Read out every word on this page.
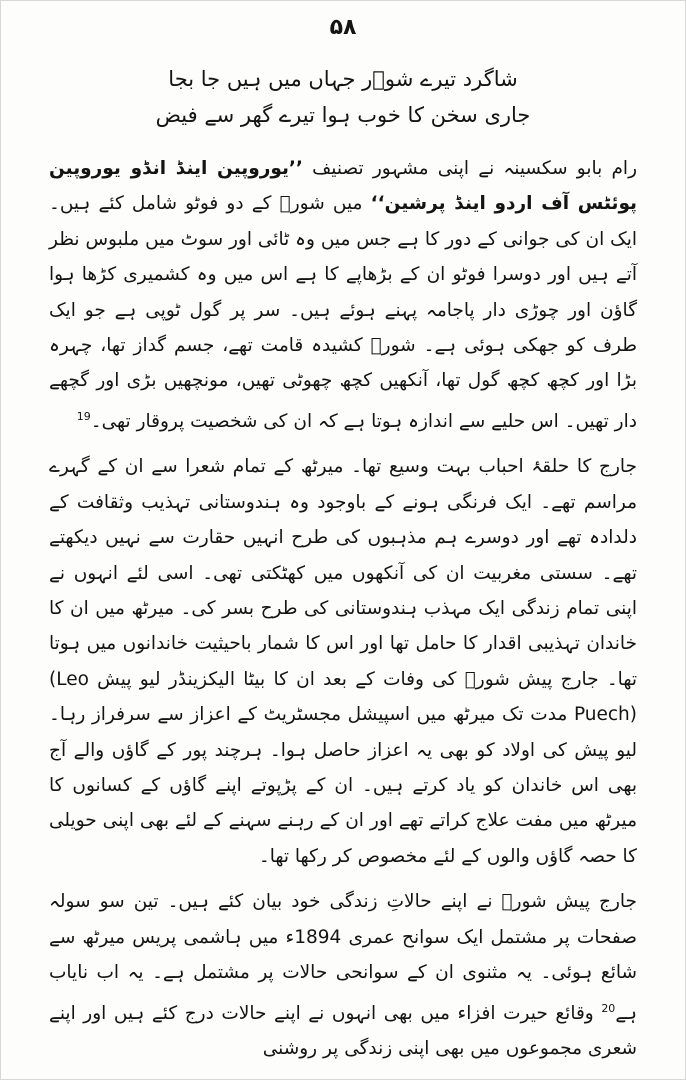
۵۸
شاگرد تیرے شوؔر جہاں میں ہیں جا بجا
جاری سخن کا خوب ہوا تیرے گھر سے فیض

رام بابو سکسینہ نے اپنی مشہور تصنیف ’’یوروپین اینڈ انڈو یوروپین پوئٹس آف اردو اینڈ پرشین‘‘ میں شورؔ کے دو فوٹو شامل کئے ہیں۔ ایک ان کی جوانی کے دور کا ہے جس میں وہ ٹائی اور سوٹ میں ملبوس نظر آتے ہیں اور دوسرا فوٹو ان کے بڑھاپے کا ہے اس میں وہ کشمیری کڑھا ہوا گاؤن اور چوڑی دار پاجامہ پہنے ہوئے ہیں۔ سر پر گول ٹوپی ہے جو ایک طرف کو جھکی ہوئی ہے۔ شورؔ کشیدہ قامت تھے، جسم گداز تھا، چہرہ بڑا اور کچھ کچھ گول تھا، آنکھیں کچھ چھوٹی تھیں، مونچھیں بڑی اور گچھے دار تھیں۔ اس حلیے سے اندازہ ہوتا ہے کہ ان کی شخصیت پروقار تھی۔$^{19}$

جارج کا حلقۂ احباب بہت وسیع تھا۔ میرٹھ کے تمام شعرا سے ان کے گہرے مراسم تھے۔ ایک فرنگی ہونے کے باوجود وہ ہندوستانی تہذیب وثقافت کے دلدادہ تھے اور دوسرے ہم مذہبوں کی طرح انہیں حقارت سے نہیں دیکھتے تھے۔ سستی مغربیت ان کی آنکھوں میں کھٹکتی تھی۔ اسی لئے انہوں نے اپنی تمام زندگی ایک مہذب ہندوستانی کی طرح بسر کی۔ میرٹھ میں ان کا خاندان تہذیبی اقدار کا حامل تھا اور اس کا شمار باحیثیت خاندانوں میں ہوتا تھا۔ جارج پیش شورؔ کی وفات کے بعد ان کا بیٹا الیکزینڈر لیو پیش (Leo Puech) مدت تک میرٹھ میں اسپیشل مجسٹریٹ کے اعزاز سے سرفراز رہا۔ لیو پیش کی اولاد کو بھی یہ اعزاز حاصل ہوا۔ ہرچند پور کے گاؤں والے آج بھی اس خاندان کو یاد کرتے ہیں۔ ان کے پڑپوتے اپنے گاؤں کے کسانوں کا میرٹھ میں مفت علاج کراتے تھے اور ان کے رہنے سہنے کے لئے بھی اپنی حویلی کا حصہ گاؤں والوں کے لئے مخصوص کر رکھا تھا۔

جارج پیش شورؔ نے اپنے حالاتِ زندگی خود بیان کئے ہیں۔ تین سو سولہ صفحات پر مشتمل ایک سوانح عمری 1894ء میں ہاشمی پریس میرٹھ سے شائع ہوئی۔ یہ مثنوی ان کے سوانحی حالات پر مشتمل ہے۔ یہ اب نایاب ہے$^{20}$ وقائع حیرت افزاء میں بھی انہوں نے اپنے حالات درج کئے ہیں اور اپنے شعری مجموعوں میں بھی اپنی زندگی پر روشنی
